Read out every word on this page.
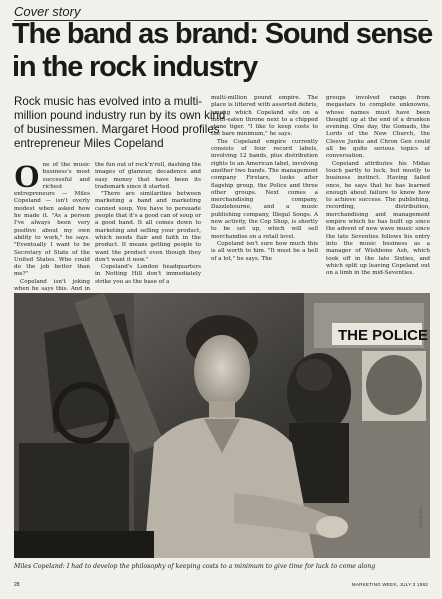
Cover story
The band as brand: Sound sense in the rock industry

Rock music has evolved into a multi-million pound industry run by its own kind of businessmen. Margaret Hood profiles entrepreneur Miles Copeland

One of the music business's most successful and richest entrepreneurs — Miles Copeland — isn't overly modest when asked how he made it. "As a person I've always been very positive about my own ability to work," he says. "Eventually I want to be Secretary of State of the United States. Who could do the job better than me?"

Copeland isn't joking when he says this. And in

the fun out of rock'n'roll, dashing the images of glamour, decadence and easy money that have been its trademark since it started.

"There are similarities between marketing a band and marketing canned soup. You have to persuade people that it's a good can of soup or a good band. It all comes down to marketing and selling your product, which needs flair and faith in the product. It means getting people to want the product even though they don't want it now."

Copeland's London headquarters in Notting Hill don't immediately strike you as the base of a

multi-million pound empire. The place is littered with assorted debris, among which Copeland sits on a moth-eaten throne next to a chipped stone tiger. "I like to keep costs to the bare minimum," he says.

The Copeland empire currently consists of four record labels, involving 12 bands, plus distribution rights to an American label, involving another two bands. The management company Firstars, looks after flagship group, the Police and three other groups. Next comes a merchandising company, Dazzlebourne, and a music publishing company, Illegal Songs. A new activity, the Cop Shop, is shortly to be set up, which will sell merchandise on a retail level.

Copeland isn't sure how much this is all worth to him. "It must be a hell of a lot," he says. The

groups involved range from megastars to complete unknowns, whose names must have been thought up at the end of a drunken evening. One day, the Gomads, the Lords of the New Church, the Cleeve Junke and Chron Gen could all be quite serious topics of conversation.

Copeland attributes his Midas touch partly to luck, but mostly to business instinct. Having failed once, he says that he has learned enough about failure to know how to achieve success. The publishing, recording, distribution, merchandising and management empire which he has built up since the advent of new wave music since the late Seventies follows his entry into the music business as a manager of Wishbone Ash, which took off in the late Sixties, and which split up leaving Copeland out on a limb in the mid-Seventies.

THE POLICE
CHRIS BELL

Miles Copeland: I had to develop the philosophy of keeping costs to a minimum to give time for luck to come along

28	MARKETING WEEK, JULY 2 1982
